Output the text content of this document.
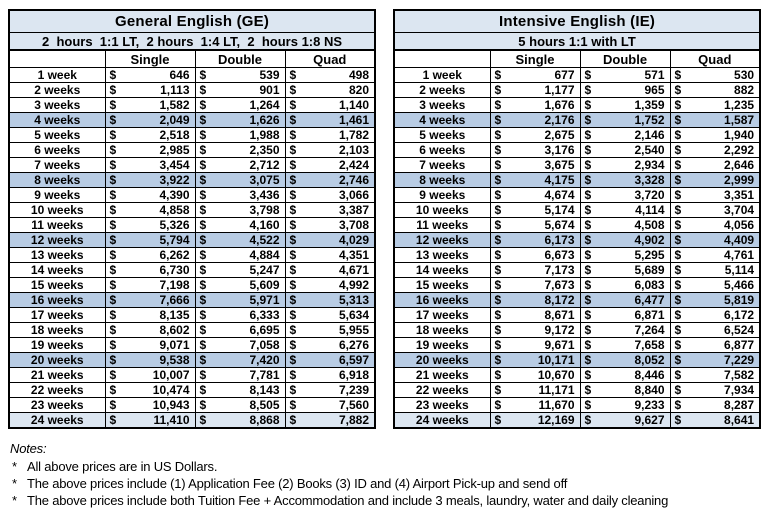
General English (GE)			
2  hours  1:1 LT,  2 hours  1:4 LT,  2  hours 1:8 NS			
	Single	Double	Quad
1 week	$ 646	$ 539	$ 498

2 weeks	$ 1,113	$ 901	$ 820

3 weeks	$ 1,582	$ 1,264	$ 1,140

4 weeks	$ 2,049	$ 1,626	$ 1,461

5 weeks	$ 2,518	$ 1,988	$ 1,782

6 weeks	$ 2,985	$ 2,350	$ 2,103

7 weeks	$ 3,454	$ 2,712	$ 2,424

8 weeks	$ 3,922	$ 3,075	$ 2,746

9 weeks	$ 4,390	$ 3,436	$ 3,066

10 weeks	$ 4,858	$ 3,798	$ 3,387

11 weeks	$ 5,326	$ 4,160	$ 3,708

12 weeks	$ 5,794	$ 4,522	$ 4,029

13 weeks	$ 6,262	$ 4,884	$ 4,351

14 weeks	$ 6,730	$ 5,247	$ 4,671

15 weeks	$ 7,198	$ 5,609	$ 4,992

16 weeks	$ 7,666	$ 5,971	$ 5,313

17 weeks	$ 8,135	$ 6,333	$ 5,634

18 weeks	$ 8,602	$ 6,695	$ 5,955

19 weeks	$ 9,071	$ 7,058	$ 6,276

20 weeks	$ 9,538	$ 7,420	$ 6,597

21 weeks	$ 10,007	$ 7,781	$ 6,918

22 weeks	$ 10,474	$ 8,143	$ 7,239

23 weeks	$ 10,943	$ 8,505	$ 7,560

24 weeks	$ 11,410	$ 8,868	$ 7,882
Intensive English (IE)			
5 hours 1:1 with LT			
	Single	Double	Quad
1 week	$ 677	$ 571	$ 530

2 weeks	$ 1,177	$ 965	$ 882

3 weeks	$ 1,676	$ 1,359	$ 1,235

4 weeks	$ 2,176	$ 1,752	$ 1,587

5 weeks	$ 2,675	$ 2,146	$ 1,940

6 weeks	$ 3,176	$ 2,540	$ 2,292

7 weeks	$ 3,675	$ 2,934	$ 2,646

8 weeks	$ 4,175	$ 3,328	$ 2,999

9 weeks	$ 4,674	$ 3,720	$ 3,351

10 weeks	$ 5,174	$ 4,114	$ 3,704

11 weeks	$ 5,674	$ 4,508	$ 4,056

12 weeks	$ 6,173	$ 4,902	$ 4,409

13 weeks	$ 6,673	$ 5,295	$ 4,761

14 weeks	$ 7,173	$ 5,689	$ 5,114

15 weeks	$ 7,673	$ 6,083	$ 5,466

16 weeks	$ 8,172	$ 6,477	$ 5,819

17 weeks	$ 8,671	$ 6,871	$ 6,172

18 weeks	$ 9,172	$ 7,264	$ 6,524

19 weeks	$ 9,671	$ 7,658	$ 6,877

20 weeks	$ 10,171	$ 8,052	$ 7,229

21 weeks	$ 10,670	$ 8,446	$ 7,582

22 weeks	$ 11,171	$ 8,840	$ 7,934

23 weeks	$ 11,670	$ 9,233	$ 8,287

24 weeks	$ 12,169	$ 9,627	$ 8,641
Notes:
* All above prices are in US Dollars.
* The above prices include (1) Application Fee (2) Books (3) ID and (4) Airport Pick-up and send off
* The above prices include both Tuition Fee + Accommodation and include 3 meals, laundry, water and daily cleaning
